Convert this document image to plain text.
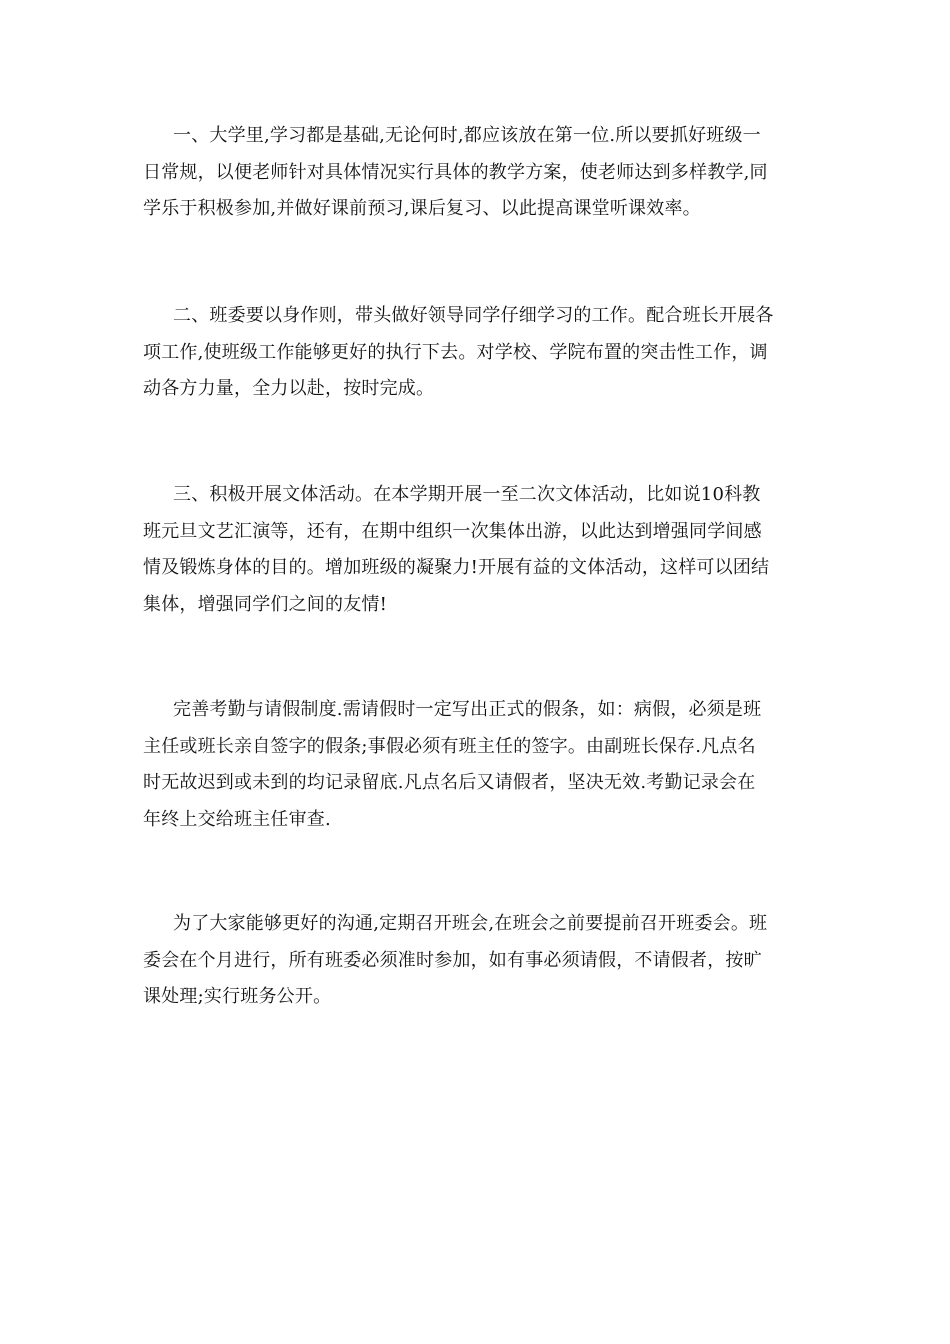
一、大学里,学习都是基础,无论何时,都应该放在第一位.所以要抓好班级一
日常规，以便老师针对具体情况实行具体的教学方案，使老师达到多样教学,同
学乐于积极参加,并做好课前预习,课后复习、以此提高课堂听课效率。
二、班委要以身作则，带头做好领导同学仔细学习的工作。配合班长开展各
项工作,使班级工作能够更好的执行下去。对学校、学院布置的突击性工作，调
动各方力量，全力以赴，按时完成。
三、积极开展文体活动。在本学期开展一至二次文体活动，比如说10科教
班元旦文艺汇演等，还有，在期中组织一次集体出游，以此达到增强同学间感
情及锻炼身体的目的。增加班级的凝聚力!开展有益的文体活动，这样可以团结
集体，增强同学们之间的友情!
完善考勤与请假制度.需请假时一定写出正式的假条，如：病假，必须是班
主任或班长亲自签字的假条;事假必须有班主任的签字。由副班长保存.凡点名
时无故迟到或未到的均记录留底.凡点名后又请假者，坚决无效.考勤记录会在
年终上交给班主任审查.
为了大家能够更好的沟通,定期召开班会,在班会之前要提前召开班委会。班
委会在个月进行，所有班委必须准时参加，如有事必须请假，不请假者，按旷
课处理;实行班务公开。
